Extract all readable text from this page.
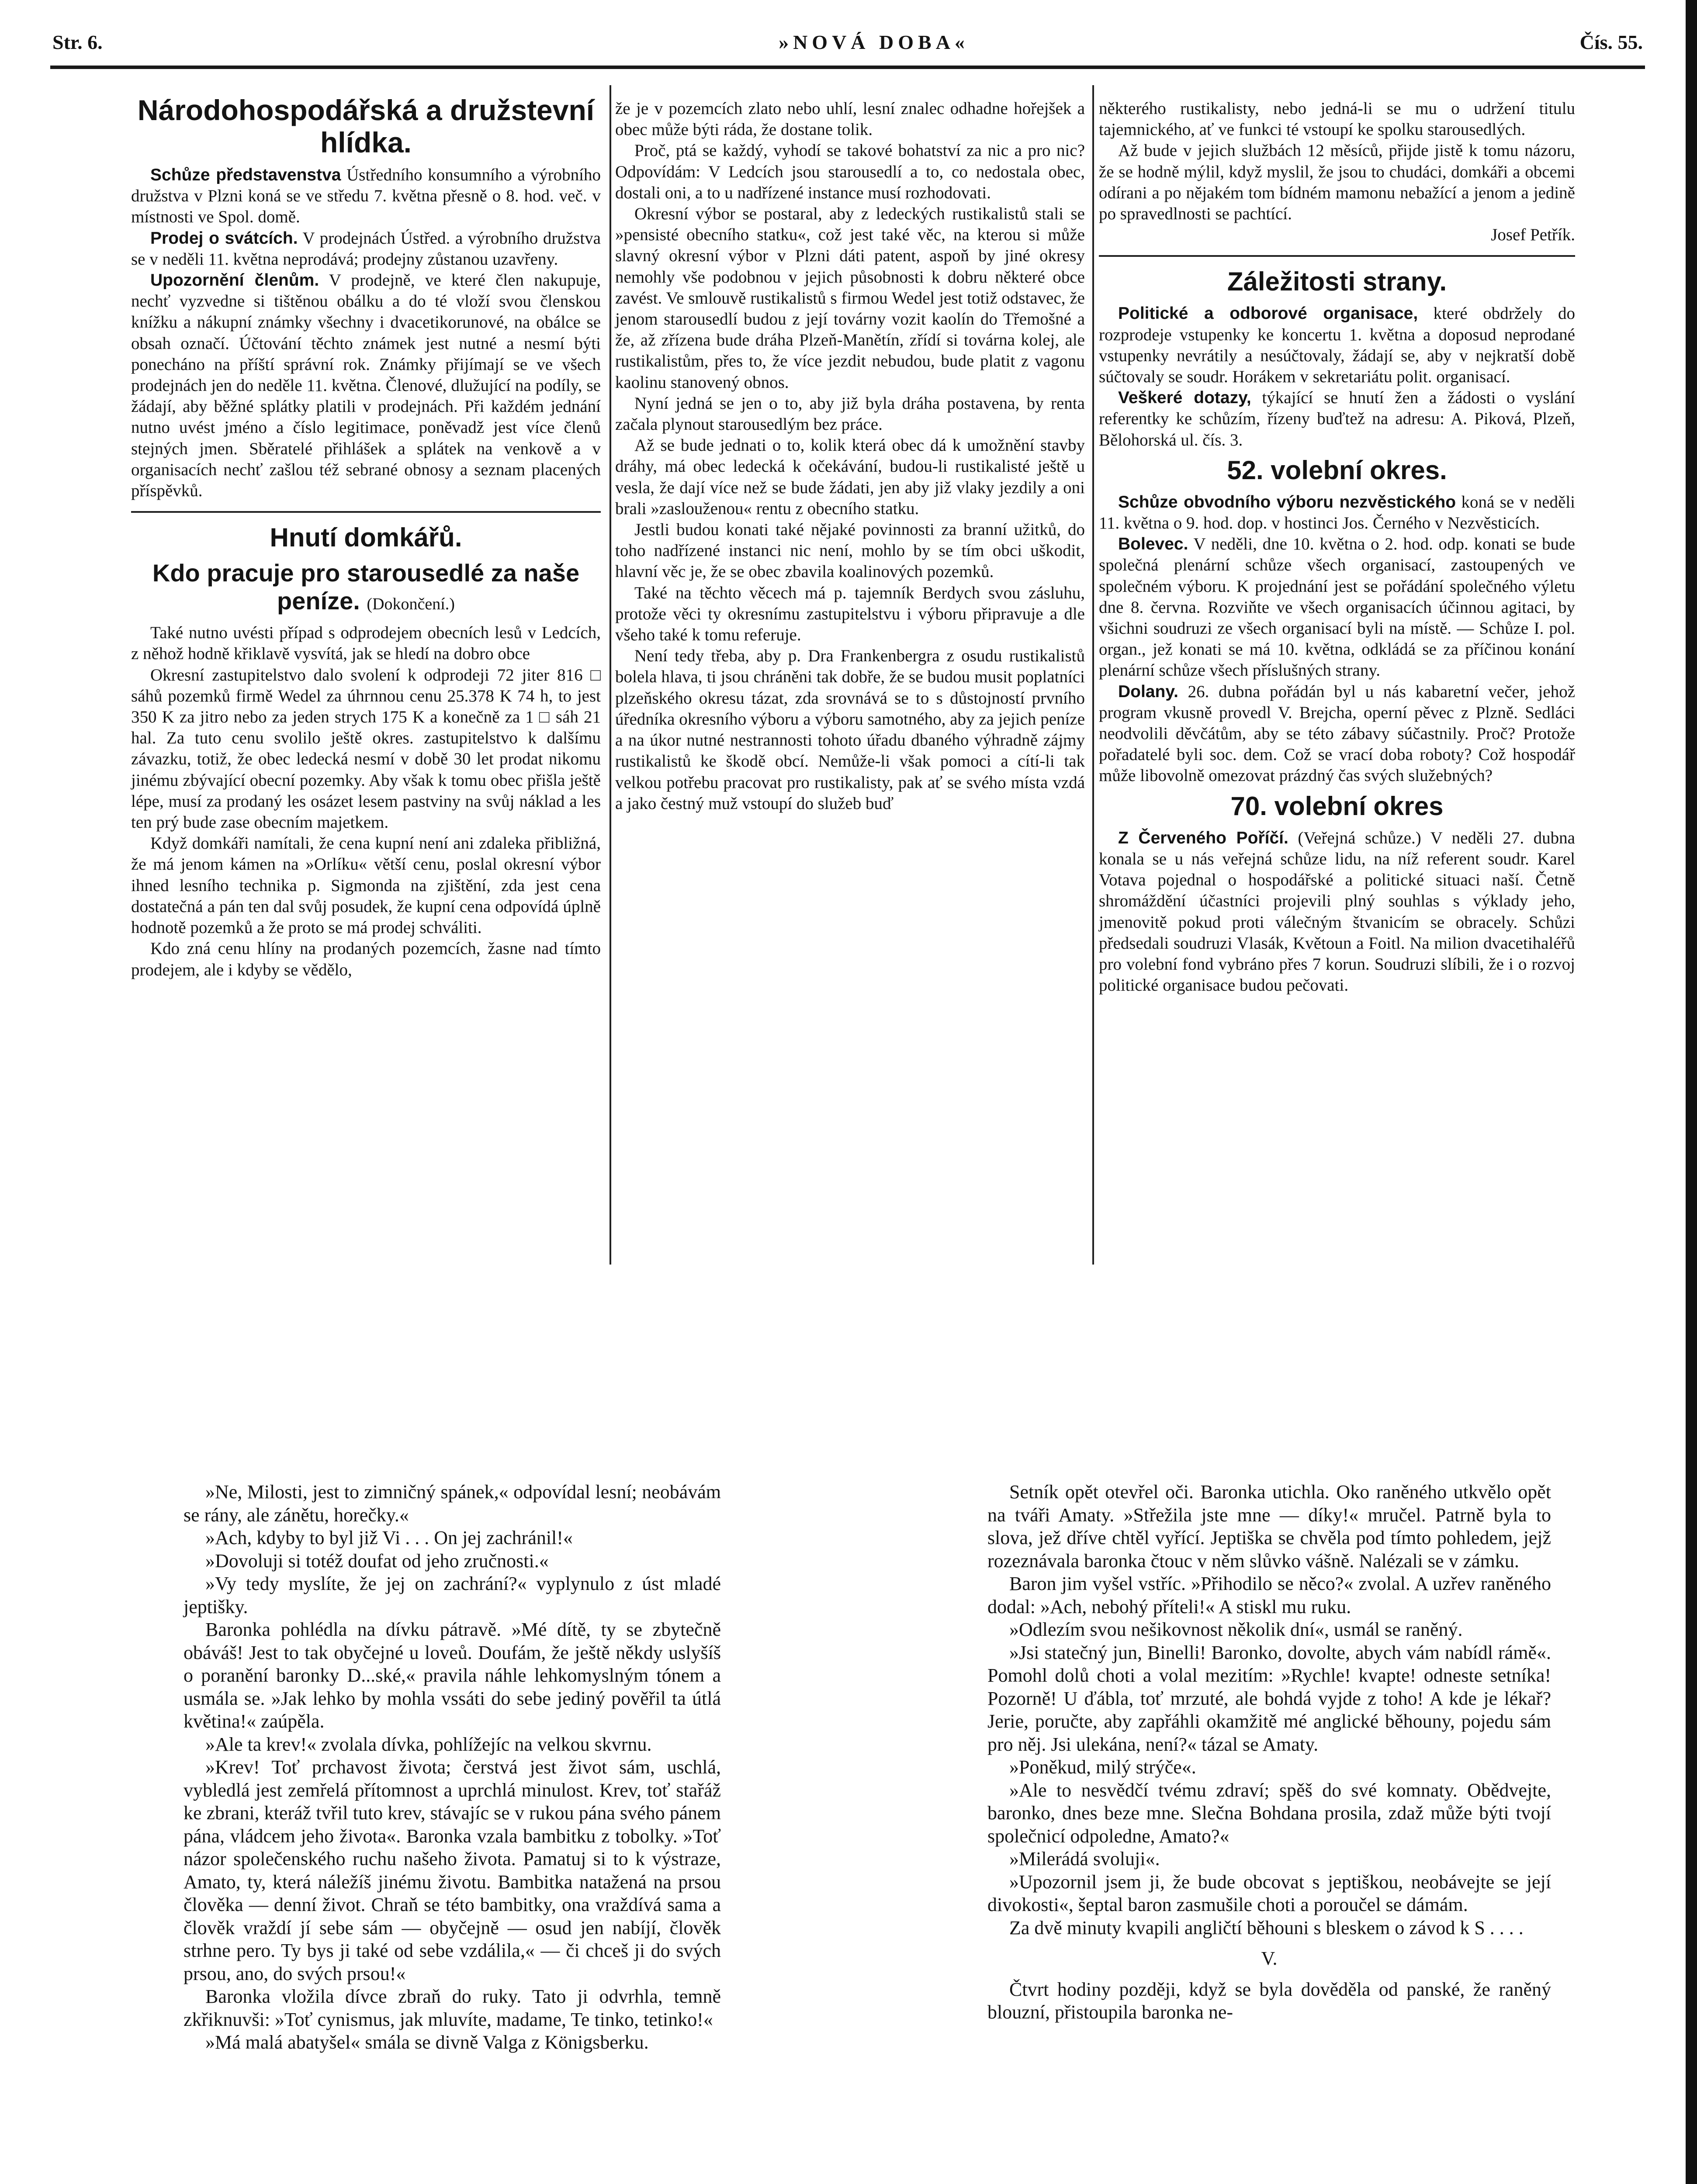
Str. 6.	»NOVÁ DOBA«	Čís. 55.
Národohospodářská a družstevní hlídka.

Schůze představenstva Ústředního konsumního a výrobního družstva v Plzni koná se ve středu 7. května přesně o 8. hod. več. v místnosti ve Spol. domě.

Prodej o svátcích. V prodejnách Ústřed. a výrobního družstva se v neděli 11. května neprodává; prodejny zůstanou uzavřeny.

Upozornění členům. V prodejně, ve které člen nakupuje, nechť vyzvedne si tištěnou obálku a do té vloží svou členskou knížku a nákupní známky všechny i dvacetikorunové, na obálce se obsah označí. Účtování těchto známek jest nutné a nesmí býti ponecháno na příští správní rok. Známky přijímají se ve všech prodejnách jen do neděle 11. května. Členové, dlužující na podíly, se žádají, aby běžné splátky platili v prodejnách. Při každém jednání nutno uvést jméno a číslo legitimace, poněvadž jest více členů stejných jmen. Sběratelé přihlášek a splátek na venkově a v organisacích nechť zašlou též sebrané obnosy a seznam placených příspěvků.

Hnutí domkářů.
Kdo pracuje pro starousedlé za naše peníze. (Dokončení.)

Také nutno uvésti případ s odprodejem obecních lesů v Ledcích, z něhož hodně křiklavě vysvítá, jak se hledí na dobro obce

Okresní zastupitelstvo dalo svolení k odprodeji 72 jiter 816 □ sáhů pozemků firmě Wedel za úhrnnou cenu 25.378 K 74 h, to jest 350 K za jitro nebo za jeden strych 175 K a konečně za 1 □ sáh 21 hal. Za tuto cenu svolilo ještě okres. zastupitelstvo k dalšímu závazku, totiž, že obec ledecká nesmí v době 30 let prodat nikomu jinému zbývající obecní pozemky. Aby však k tomu obec přišla ještě lépe, musí za prodaný les osázet lesem pastviny na svůj náklad a les ten prý bude zase obecním majetkem.

Když domkáři namítali, že cena kupní není ani zdaleka přibližná, že má jenom kámen na »Orlíku« větší cenu, poslal okresní výbor ihned lesního technika p. Sigmonda na zjištění, zda jest cena dostatečná a pán ten dal svůj posudek, že kupní cena odpovídá úplně hodnotě pozemků a že proto se má prodej schváliti.

Kdo zná cenu hlíny na prodaných pozemcích, žasne nad tímto prodejem, ale i kdyby se vědělo,

že je v pozemcích zlato nebo uhlí, lesní znalec odhadne hořejšek a obec může býti ráda, že dostane tolik.

Proč, ptá se každý, vyhodí se takové bohatství za nic a pro nic? Odpovídám: V Ledcích jsou starousedlí a to, co nedostala obec, dostali oni, a to u nadřízené instance musí rozhodovati.

Okresní výbor se postaral, aby z ledeckých rustikalistů stali se »pensisté obecního statku«, což jest také věc, na kterou si může slavný okresní výbor v Plzni dáti patent, aspoň by jiné okresy nemohly vše podobnou v jejich působnosti k dobru některé obce zavést. Ve smlouvě rustikalistů s firmou Wedel jest totiž odstavec, že jenom starousedlí budou z její továrny vozit kaolín do Třemošné a že, až zřízena bude dráha Plzeň-Manětín, zřídí si továrna kolej, ale rustikalistům, přes to, že více jezdit nebudou, bude platit z vagonu kaolinu stanovený obnos.

Nyní jedná se jen o to, aby již byla dráha postavena, by renta začala plynout starousedlým bez práce.

Až se bude jednati o to, kolik která obec dá k umožnění stavby dráhy, má obec ledecká k očekávání, budou-li rustikalisté ještě u vesla, že dají více než se bude žádati, jen aby již vlaky jezdily a oni brali »zaslouženou« rentu z obecního statku.

Jestli budou konati také nějaké povinnosti za branní užitků, do toho nadřízené instanci nic není, mohlo by se tím obci uškodit, hlavní věc je, že se obec zbavila koalinových pozemků.

Také na těchto věcech má p. tajemník Berdych svou zásluhu, protože věci ty okresnímu zastupitelstvu i výboru připravuje a dle všeho také k tomu referuje.

Není tedy třeba, aby p. Dra Frankenbergra z osudu rustikalistů bolela hlava, ti jsou chráněni tak dobře, že se budou musit poplatníci plzeňského okresu tázat, zda srovnává se to s důstojností prvního úředníka okresního výboru a výboru samotného, aby za jejich peníze a na úkor nutné nestrannosti tohoto úřadu dbaného výhradně zájmy rustikalistů ke škodě obcí. Nemůže-li však pomoci a cítí-li tak velkou potřebu pracovat pro rustikalisty, pak ať se svého místa vzdá a jako čestný muž vstoupí do služeb buď

některého rustikalisty, nebo jedná-li se mu o udržení titulu tajemnického, ať ve funkci té vstoupí ke spolku starousedlých.

Až bude v jejich službách 12 měsíců, přijde jistě k tomu názoru, že se hodně mýlil, když myslil, že jsou to chudáci, domkáři a obcemi odírani a po nějakém tom bídném mamonu nebažící a jenom a jedině po spravedlnosti se pachtící.

Josef Petřík.
Záležitosti strany.

Politické a odborové organisace, které obdržely do rozprodeje vstupenky ke koncertu 1. května a doposud neprodané vstupenky nevrátily a nesúčtovaly, žádají se, aby v nejkratší době súčtovaly se soudr. Horákem v sekretariátu polit. organisací.

Veškeré dotazy, týkající se hnutí žen a žádosti o vyslání referentky ke schůzím, řízeny buďtež na adresu: A. Piková, Plzeň, Bělohorská ul. čís. 3.

52. volební okres.

Schůze obvodního výboru nezvěstického koná se v neděli 11. května o 9. hod. dop. v hostinci Jos. Černého v Nezvěsticích.

Bolevec. V neděli, dne 10. května o 2. hod. odp. konati se bude společná plenární schůze všech organisací, zastoupených ve společném výboru. K projednání jest se pořádání společného výletu dne 8. června. Rozviňte ve všech organisacích účinnou agitaci, by všichni soudruzi ze všech organisací byli na místě. — Schůze I. pol. organ., jež konati se má 10. května, odkládá se za příčinou konání plenární schůze všech příslušných strany.

Dolany. 26. dubna pořádán byl u nás kabaretní večer, jehož program vkusně provedl V. Brejcha, operní pěvec z Plzně. Sedláci neodvolili děvčátům, aby se této zábavy súčastnily. Proč? Protože pořadatelé byli soc. dem. Což se vrací doba roboty? Což hospodář může libovolně omezovat prázdný čas svých služebných?

70. volební okres

Z Červeného Poříčí. (Veřejná schůze.) V neděli 27. dubna konala se u nás veřejná schůze lidu, na níž referent soudr. Karel Votava pojednal o hospodářské a politické situaci naší. Četně shromáždění účastníci projevili plný souhlas s výklady jeho, jmenovitě pokud proti válečným štvanicím se obracely. Schůzi předsedali soudruzi Vlasák, Květoun a Foitl. Na milion dvacetihaléřů pro volební fond vybráno přes 7 korun. Soudruzi slíbili, že i o rozvoj politické organisace budou pečovati.

»Ne, Milosti, jest to zimničný spánek,« odpovídal lesní; neobávám se rány, ale zánětu, horečky.«

»Ach, kdyby to byl již Vi . . . On jej zachránil!«

»Dovoluji si totéž doufat od jeho zručnosti.«

»Vy tedy myslíte, že jej on zachrání?« vyplynulo z úst mladé jeptišky.

Baronka pohlédla na dívku pátravě. »Mé dítě, ty se zbytečně obáváš! Jest to tak obyčejné u loveů. Doufám, že ještě někdy uslyšíš o poranění baronky D...ské,« pravila náhle lehkomyslným tónem a usmála se. »Jak lehko by mohla vssáti do sebe jediný pověřil ta útlá květina!« zaúpěla.

»Ale ta krev!« zvolala dívka, pohlížejíc na velkou skvrnu.

»Krev! Toť prchavost života; čerstvá jest život sám, uschlá, vybledlá jest zemřelá přítomnost a uprchlá minulost. Krev, toť stařáž ke zbrani, kteráž tvřil tuto krev, stávajíc se v rukou pána svého pánem pána, vládcem jeho života«. Baronka vzala bambitku z tobolky. »Toť názor společenského ruchu našeho života. Pamatuj si to k výstraze, Amato, ty, která náležíš jinému životu. Bambitka natažená na prsou člověka — denní život. Chraň se této bambitky, ona vraždívá sama a člověk vraždí jí sebe sám — obyčejně — osud jen nabíjí, člověk strhne pero. Ty bys ji také od sebe vzdálila,« — či chceš ji do svých prsou, ano, do svých prsou!«

Baronka vložila dívce zbraň do ruky. Tato ji odvrhla, temně zkřiknuvši: »Toť cynismus, jak mluvíte, madame, Te tinko, tetinko!«

»Má malá abatyšel« smála se divně Valga z Königsberku.

Setník opět otevřel oči. Baronka utichla. Oko raněného utkvělo opět na tváři Amaty. »Střežila jste mne — díky!« mručel. Patrně byla to slova, jež dříve chtěl vyřící. Jeptiška se chvěla pod tímto pohledem, jejž rozeznávala baronka čtouc v něm slůvko vášně. Nalézali se v zámku.

Baron jim vyšel vstříc. »Přihodilo se něco?« zvolal. A uzřev raněného dodal: »Ach, nebohý příteli!« A stiskl mu ruku.

»Odlezím svou nešikovnost několik dní«, usmál se raněný.

»Jsi statečný jun, Binelli! Baronko, dovolte, abych vám nabídl rámě«. Pomohl dolů choti a volal mezitím: »Rychle! kvapte! odneste setníka! Pozorně! U ďábla, toť mrzuté, ale bohdá vyjde z toho! A kde je lékař? Jerie, poručte, aby zapřáhli okamžitě mé anglické běhouny, pojedu sám pro něj. Jsi ulekána, není?« tázal se Amaty.

»Poněkud, milý strýče«.

»Ale to nesvědčí tvému zdraví; spěš do své komnaty. Obědvejte, baronko, dnes beze mne. Slečna Bohdana prosila, zdaž může býti tvojí společnicí odpoledne, Amato?«

»Milerádá svoluji«.

»Upozornil jsem ji, že bude obcovat s jeptiškou, neobávejte se její divokosti«, šeptal baron zasmušile choti a poroučel se dámám.

Za dvě minuty kvapili angličtí běhouni s bleskem o závod k S . . . .

V.

Čtvrt hodiny později, když se byla dověděla od panské, že raněný blouzní, přistoupila baronka ne-
